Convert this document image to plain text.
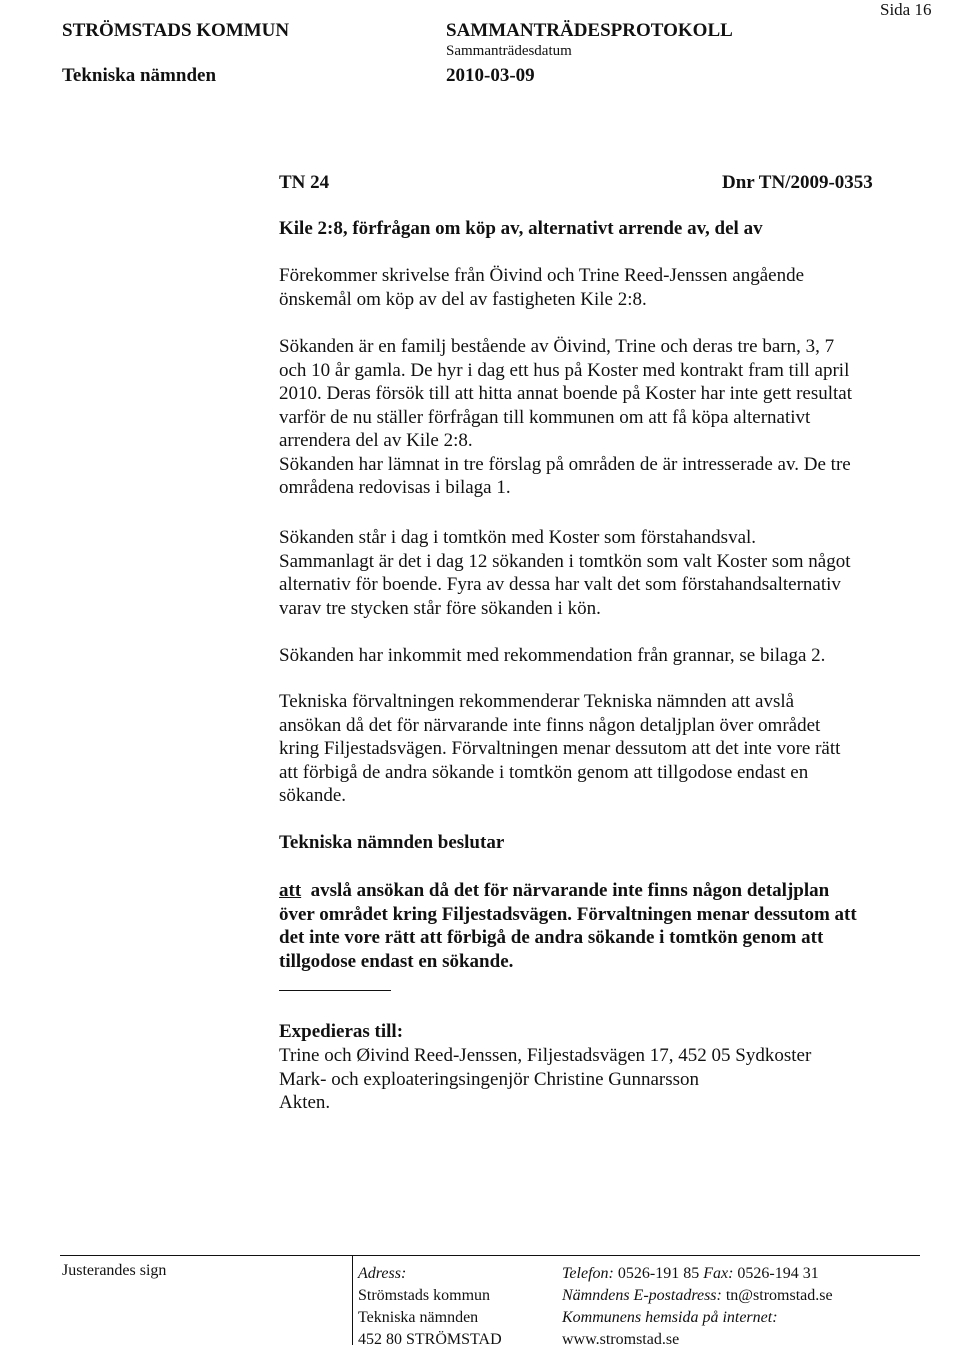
STRÖMSTADS KOMMUN	SAMMANTRÄDESPROTOKOLL
Sida 16
Sammanträdesdatum
Tekniska nämnden	2010-03-09
TN 24	Dnr TN/2009-0353
Kile 2:8, förfrågan om köp av, alternativt arrende av, del av

Förekommer skrivelse från Öivind och Trine Reed-Jenssen angående

önskemål om köp av del av fastigheten Kile 2:8.

Sökanden är en familj bestående av Öivind, Trine och deras tre barn, 3, 7

och 10 år gamla. De hyr i dag ett hus på Koster med kontrakt fram till april

2010. Deras försök till att hitta annat boende på Koster har inte gett resultat

varför de nu ställer förfrågan till kommunen om att få köpa alternativt

arrendera del av Kile 2:8.

Sökanden har lämnat in tre förslag på områden de är intresserade av. De tre

områdena redovisas i bilaga 1.

Sökanden står i dag i tomtkön med Koster som förstahandsval.

Sammanlagt är det i dag 12 sökanden i tomtkön som valt Koster som något

alternativ för boende. Fyra av dessa har valt det som förstahandsalternativ

varav tre stycken står före sökanden i kön.

Sökanden har inkommit med rekommendation från grannar, se bilaga 2.

Tekniska förvaltningen rekommenderar Tekniska nämnden att avslå

ansökan då det för närvarande inte finns någon detaljplan över området

kring Filjestadsvägen. Förvaltningen menar dessutom att det inte vore rätt

att förbigå de andra sökande i tomtkön genom att tillgodose endast en

sökande.

Tekniska nämnden beslutar

att avslå ansökan då det för närvarande inte finns någon detaljplan

över området kring Filjestadsvägen. Förvaltningen menar dessutom att

det inte vore rätt att förbigå de andra sökande i tomtkön genom att

tillgodose endast en sökande.

Expedieras till:

Trine och Øivind Reed-Jenssen, Filjestadsvägen 17, 452 05 Sydkoster

Mark- och exploateringsingenjör Christine Gunnarsson

Akten.

Justerandes sign	Adress:
Strömstads kommun
Tekniska nämnden
452 80 STRÖMSTAD
Telefon: 0526-191 85 Fax: 0526-194 31
Nämndens E-postadress: tn@stromstad.se
Kommunens hemsida på internet:
www.stromstad.se
